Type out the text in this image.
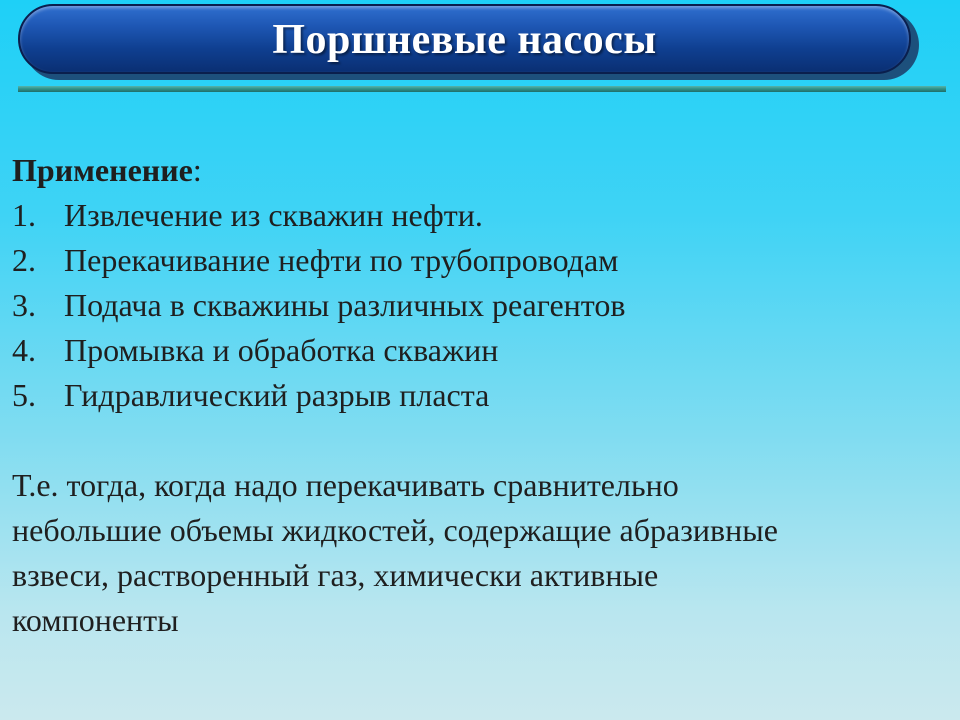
Поршневые насосы

Применение:

1. Извлечение из скважин нефти.
2. Перекачивание нефти по трубопроводам
3. Подача в скважины различных реагентов
4. Промывка и обработка скважин
5. Гидравлический разрыв пласта

Т.е. тогда, когда надо перекачивать сравнительно
небольшие объемы жидкостей, содержащие абразивные
взвеси, растворенный газ, химически активные
компоненты
